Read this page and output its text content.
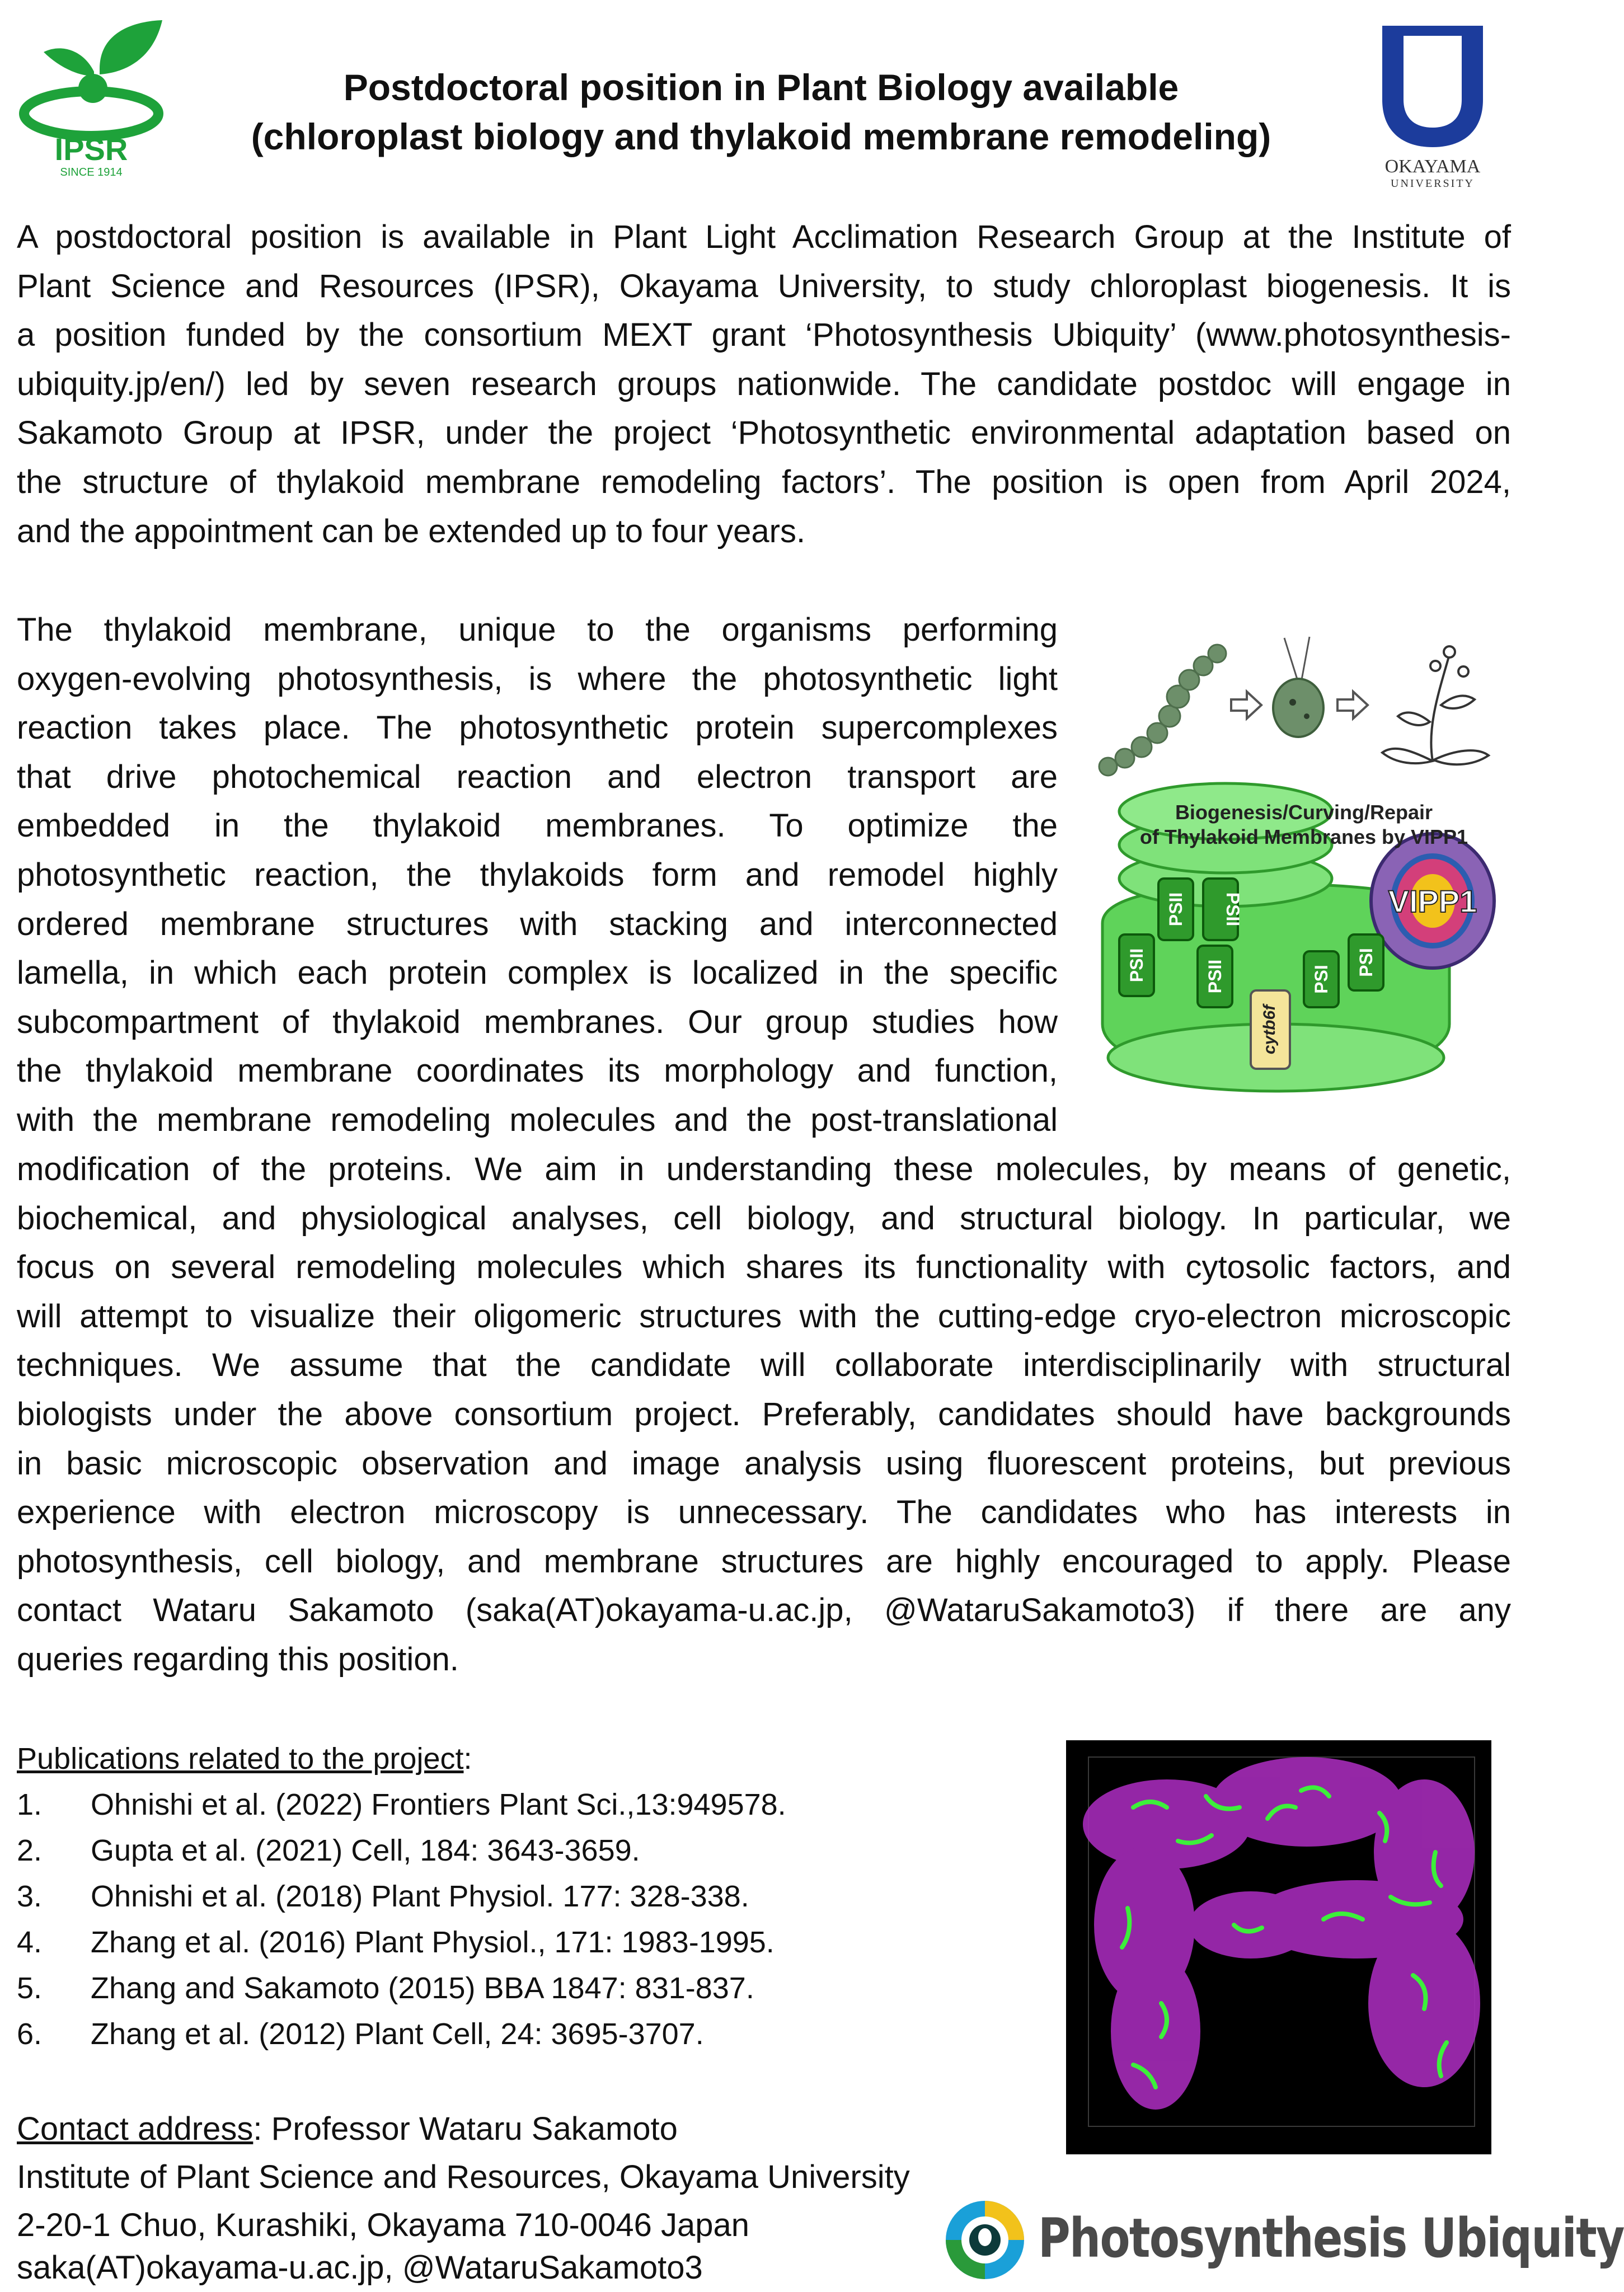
IPSR
SINCE 1914	OKAYAMA
UNIVERSITY
Postdoctoral position in Plant Biology available
(chloroplast biology and thylakoid membrane remodeling)
A postdoctoral position is available in Plant Light Acclimation Research Group at the Institute of
Plant Science and Resources (IPSR), Okayama University, to study chloroplast biogenesis. It is
a position funded by the consortium MEXT grant ‘Photosynthesis Ubiquity’ (www.photosynthesis-
ubiquity.jp/en/) led by seven research groups nationwide. The candidate postdoc will engage in
Sakamoto Group at IPSR, under the project ‘Photosynthetic environmental adaptation based on
the structure of thylakoid membrane remodeling factors’. The position is open from April 2024,
and the appointment can be extended up to four years.
The thylakoid membrane, unique to the organisms performing
oxygen-evolving photosynthesis, is where the photosynthetic light
reaction takes place. The photosynthetic protein supercomplexes
that drive photochemical reaction and electron transport are
embedded in the thylakoid membranes. To optimize the
photosynthetic reaction, the thylakoids form and remodel highly
ordered membrane structures with stacking and interconnected
lamella, in which each protein complex is localized in the specific
subcompartment of thylakoid membranes. Our group studies how
the thylakoid membrane coordinates its morphology and function,
with the membrane remodeling molecules and the post-translational
VIPP1
PSII
PSII PSII
PSII	PSI
PSI
cytb6f
Biogenesis/Curving/Repair
of Thylakoid Membranes by VIPP1
modification of the proteins. We aim in understanding these molecules, by means of genetic,
biochemical, and physiological analyses, cell biology, and structural biology. In particular, we
focus on several remodeling molecules which shares its functionality with cytosolic factors, and
will attempt to visualize their oligomeric structures with the cutting-edge cryo-electron microscopic
techniques. We assume that the candidate will collaborate interdisciplinarily with structural
biologists under the above consortium project. Preferably, candidates should have backgrounds
in basic microscopic observation and image analysis using fluorescent proteins, but previous
experience with electron microscopy is unnecessary. The candidates who has interests in
photosynthesis, cell biology, and membrane structures are highly encouraged to apply. Please
contact Wataru Sakamoto (saka(AT)okayama-u.ac.jp, @WataruSakamoto3) if there are any
queries regarding this position.
Publications related to the project:
1.	Ohnishi et al. (2022) Frontiers Plant Sci.,13:949578.
2.	Gupta et al. (2021) Cell, 184: 3643-3659.
3.	Ohnishi et al. (2018) Plant Physiol. 177: 328-338.
4.	Zhang et al. (2016) Plant Physiol., 171: 1983-1995.
5.	Zhang and Sakamoto (2015) BBA 1847: 831-837.
6.	Zhang et al. (2012) Plant Cell, 24: 3695-3707.
Contact address: Professor Wataru Sakamoto
Institute of Plant Science and Resources, Okayama University
2-20-1 Chuo, Kurashiki, Okayama 710-0046 Japan
saka(AT)okayama-u.ac.jp, @WataruSakamoto3	Photosynthesis Ubiquity
